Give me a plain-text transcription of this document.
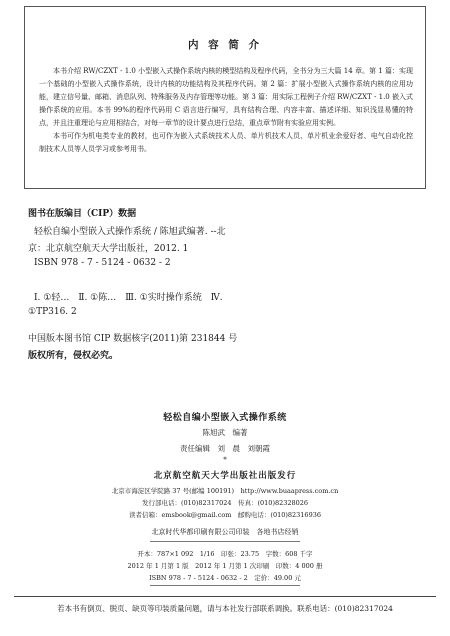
内 容 简 介

本书介绍 RW/CZXT - 1.0 小型嵌入式操作系统内核的模型结构及程序代码，全书分为三大篇 14 章。第 1 篇：实现一个基础的小型嵌入式操作系统，设计内核的功能结构及其程序代码。第 2 篇：扩展小型嵌入式操作系统内核的应用功能，建立信号量、邮箱、消息队列、特殊服务及内存管理等功能。第 3 篇：用实际工程例子介绍 RW/CZXT - 1.0 嵌入式操作系统的应用。本书 99%的程序代码用 C 语言进行编写，具有结构合理、内容丰富、描述详细、知识浅显易懂的特点，并且注重理论与应用相结合，对每一章节的设计要点进行总结，重点章节附有实验应用实例。

本书可作为机电类专业的教材，也可作为嵌入式系统技术人员、单片机技术人员、单片机业余爱好者、电气自动化控制技术人员等人员学习或参考用书。

图书在版编目（CIP）数据
轻松自编小型嵌入式操作系统 / 陈旭武编著. --北
京：北京航空航天大学出版社，2012. 1
ISBN 978 - 7 - 5124 - 0632 - 2
Ⅰ. ①轻…　Ⅱ. ①陈…　Ⅲ. ①实时操作系统　Ⅳ.
①TP316. 2
中国版本图书馆 CIP 数据核字(2011)第 231844 号
版权所有，侵权必究。
轻松自编小型嵌入式操作系统
陈旭武　编著
责任编辑　刘　晨　刘朝霞
*
北京航空航天大学出版社出版发行
北京市海淀区学院路 37 号(邮编 100191)　http://www.buaapress.com.cn
发行部电话：(010)82317024　传真：(010)82328026
读者信箱：emsbook@gmail.com　邮购电话：(010)82316936
北京时代华都印刷有限公司印装　各地书店经销
开本：787×1 092　1/16　印张：23.75　字数：608 千字
2012 年 1 月第 1 版　2012 年 1 月第 1 次印刷　印数：4 000 册
ISBN 978 - 7 - 5124 - 0632 - 2　定价：49.00 元
若本书有倒页、脱页、缺页等印装质量问题，请与本社发行部联系调换。联系电话：(010)82317024
